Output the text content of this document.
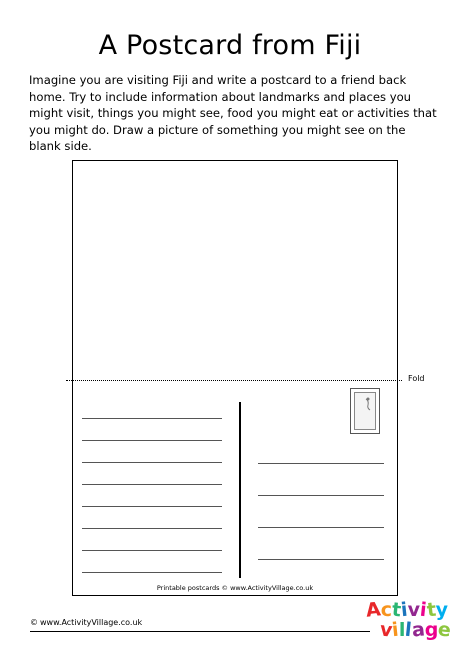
A Postcard from Fiji
Imagine you are visiting Fiji and write a postcard to a friend back home. Try to include information about landmarks and places you might visit, things you might see, food you might eat or activities that you might do. Draw a picture of something you might see on the blank side.
Fold
Printable postcards © www.ActivityVillage.co.uk
© www.ActivityVillage.co.uk
Activity
village
